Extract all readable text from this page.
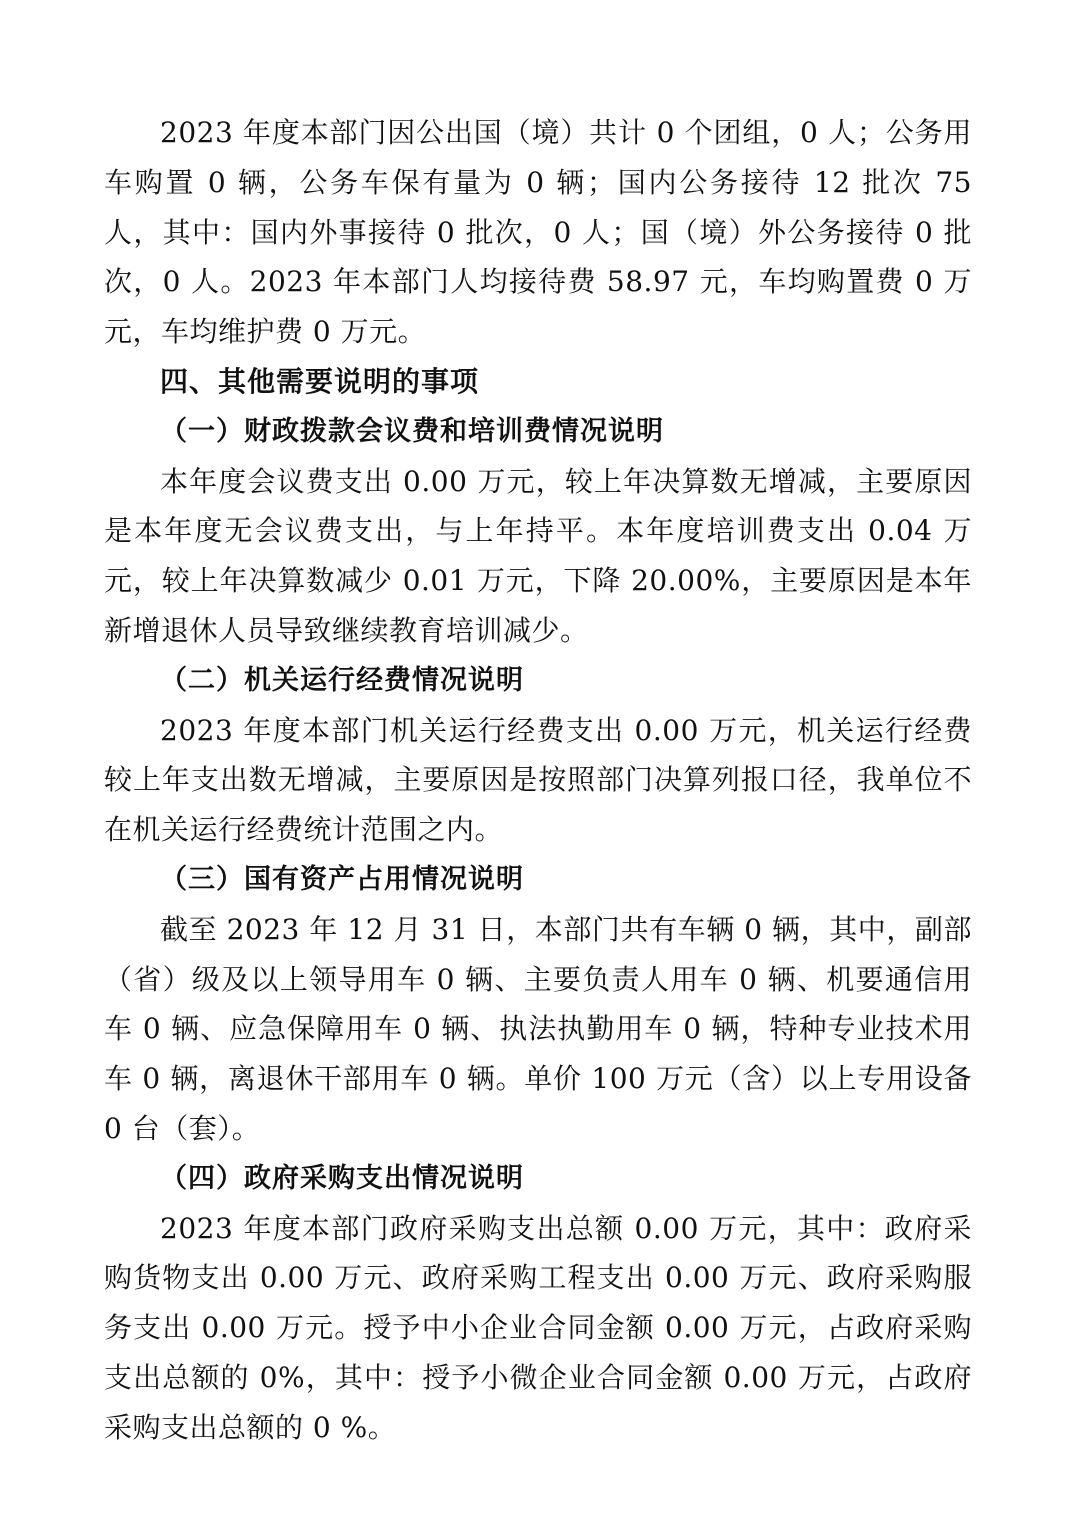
2023 年度本部门因公出国（境）共计 0 个团组，0 人；公务用车购置 0 辆，公务车保有量为 0 辆；国内公务接待 12 批次 75 人，其中：国内外事接待 0 批次，0 人；国（境）外公务接待 0 批次，0 人。2023 年本部门人均接待费 58.97 元，车均购置费 0 万元，车均维护费 0 万元。

四、其他需要说明的事项

（一）财政拨款会议费和培训费情况说明

本年度会议费支出 0.00 万元，较上年决算数无增减，主要原因是本年度无会议费支出，与上年持平。本年度培训费支出 0.04 万元，较上年决算数减少 0.01 万元，下降 20.00%，主要原因是本年新增退休人员导致继续教育培训减少。

（二）机关运行经费情况说明

2023 年度本部门机关运行经费支出 0.00 万元，机关运行经费较上年支出数无增减，主要原因是按照部门决算列报口径，我单位不在机关运行经费统计范围之内。

（三）国有资产占用情况说明

截至 2023 年 12 月 31 日，本部门共有车辆 0 辆，其中，副部（省）级及以上领导用车 0 辆、主要负责人用车 0 辆、机要通信用车 0 辆、应急保障用车 0 辆、执法执勤用车 0 辆，特种专业技术用车 0 辆，离退休干部用车 0 辆。单价 100 万元（含）以上专用设备 0 台（套）。

（四）政府采购支出情况说明

2023 年度本部门政府采购支出总额 0.00 万元，其中：政府采购货物支出 0.00 万元、政府采购工程支出 0.00 万元、政府采购服务支出 0.00 万元。授予中小企业合同金额 0.00 万元，占政府采购支出总额的 0%，其中：授予小微企业合同金额 0.00 万元，占政府采购支出总额的 0 %。
